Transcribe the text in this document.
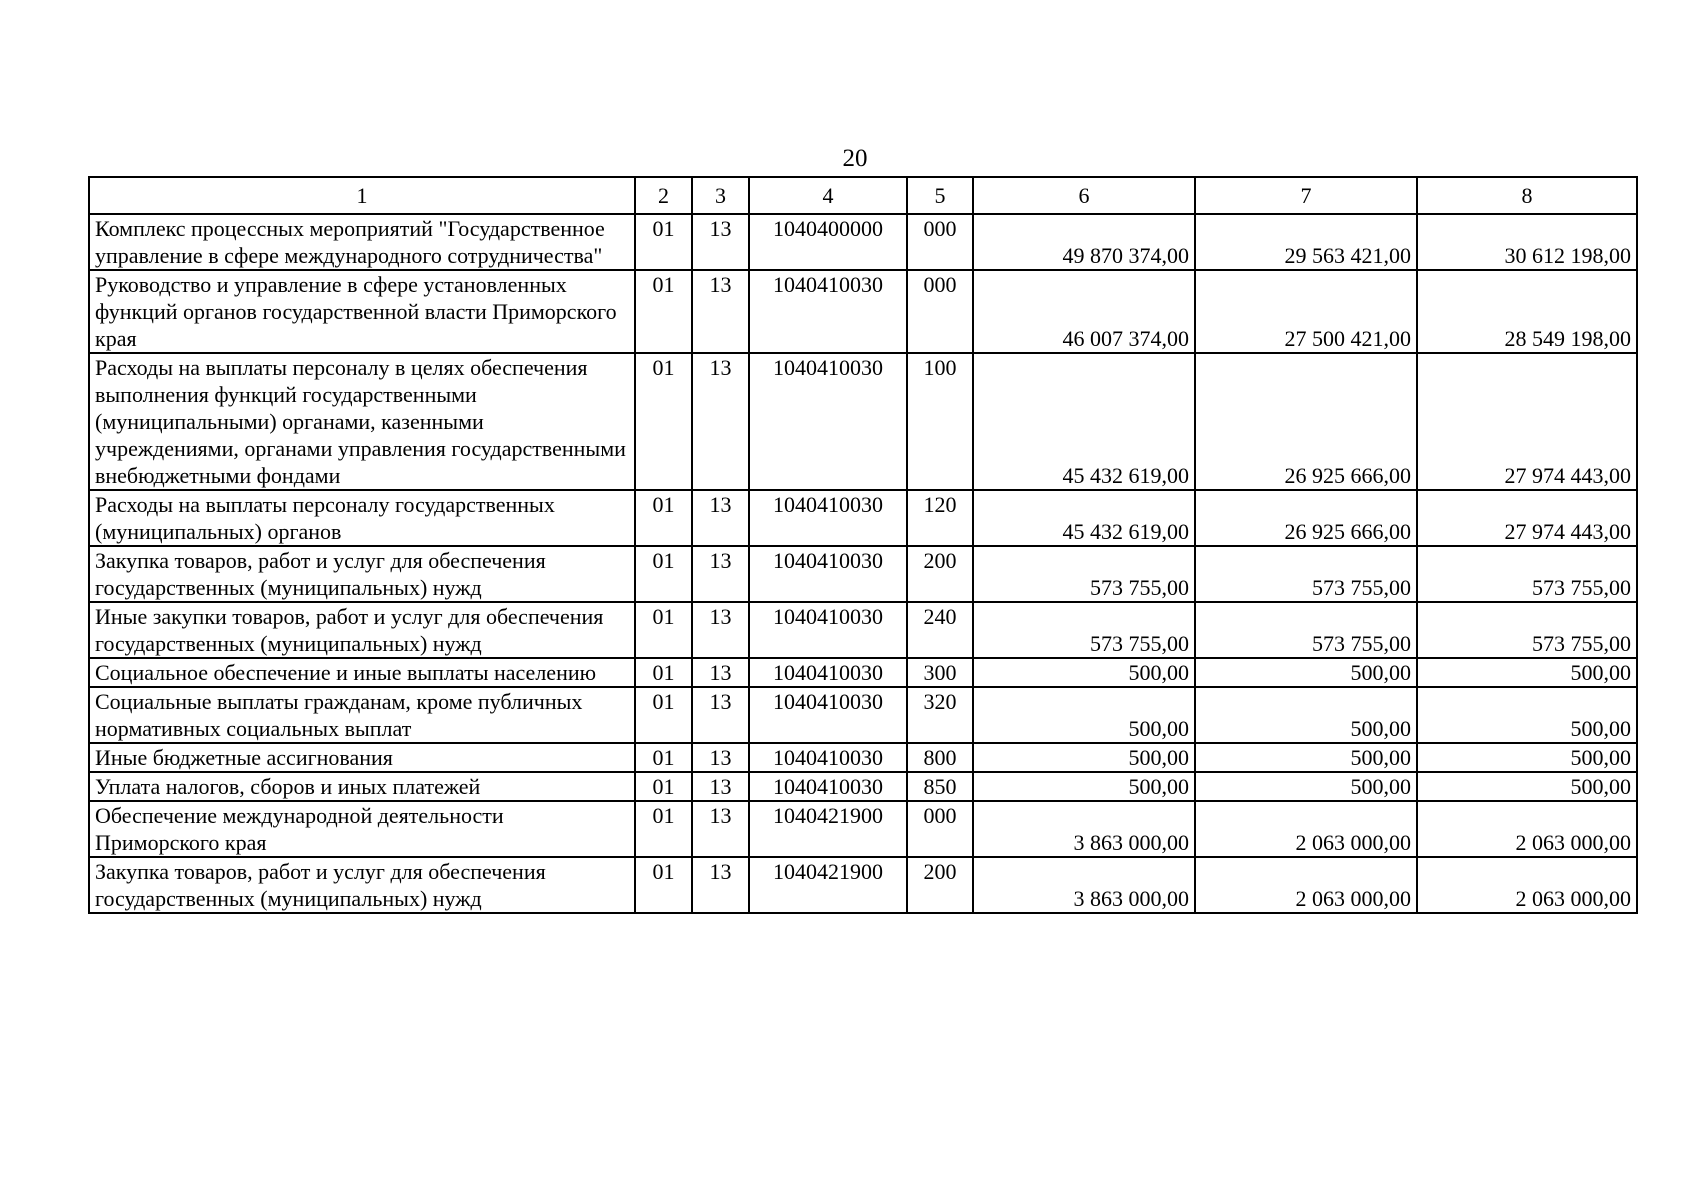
20
1	2	3	4	5	6	7	8
Комплекс процессных мероприятий "Государственное управление в сфере международного сотрудничества"	01	13	1040400000	000	49 870 374,00	29 563 421,00	30 612 198,00
Руководство и управление в сфере установленных функций органов государственной власти Приморского края	01	13	1040410030	000	46 007 374,00	27 500 421,00	28 549 198,00
Расходы на выплаты персоналу в целях обеспечения выполнения функций государственными (муниципальными) органами, казенными учреждениями, органами управления государственными внебюджетными фондами	01	13	1040410030	100	45 432 619,00	26 925 666,00	27 974 443,00
Расходы на выплаты персоналу государственных (муниципальных) органов	01	13	1040410030	120	45 432 619,00	26 925 666,00	27 974 443,00
Закупка товаров, работ и услуг для обеспечения государственных (муниципальных) нужд	01	13	1040410030	200	573 755,00	573 755,00	573 755,00
Иные закупки товаров, работ и услуг для обеспечения государственных (муниципальных) нужд	01	13	1040410030	240	573 755,00	573 755,00	573 755,00
Социальное обеспечение и иные выплаты населению	01	13	1040410030	300	500,00	500,00	500,00
Социальные выплаты гражданам, кроме публичных нормативных социальных выплат	01	13	1040410030	320	500,00	500,00	500,00
Иные бюджетные ассигнования	01	13	1040410030	800	500,00	500,00	500,00
Уплата налогов, сборов и иных платежей	01	13	1040410030	850	500,00	500,00	500,00
Обеспечение международной деятельности Приморского края	01	13	1040421900	000	3 863 000,00	2 063 000,00	2 063 000,00
Закупка товаров, работ и услуг для обеспечения государственных (муниципальных) нужд	01	13	1040421900	200	3 863 000,00	2 063 000,00	2 063 000,00
